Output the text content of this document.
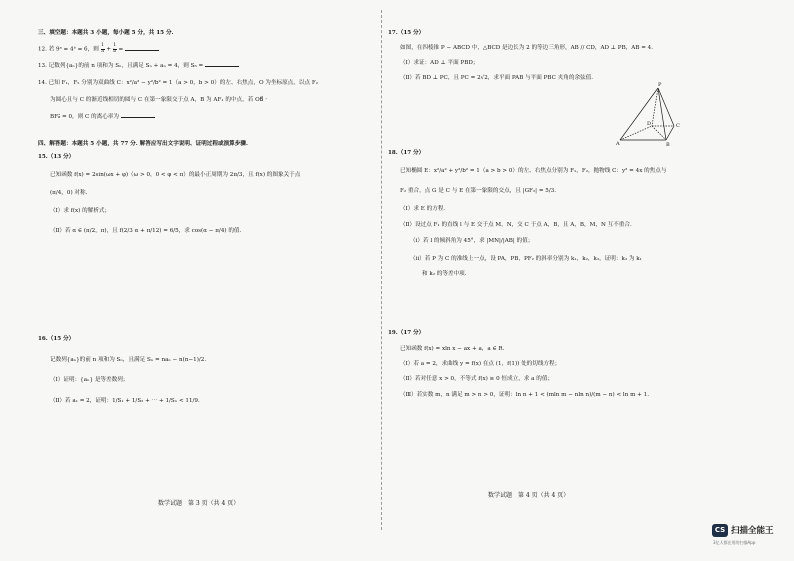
三、填空题：本题共 3 小题，每小题 5 分，共 15 分.
12. 若 9ᵃ = 4ᵇ = 6，则 $\frac{1}{a} + \frac{1}{b}$ =
13. 记数列{aₙ}的前 n 项和为 Sₙ，且满足 Sₙ + aₙ = 4，则 S₆ =
14. 已知 F₁，F₂ 分别为双曲线 C：x²/a² − y²/b² = 1（a > 0，b > 0）的左、右焦点，O 为坐标原点，以点 F₂
为圆心且与 C 的渐近线相切的圆与 C 在第一象限交于点 A，B 为 AF₁ 的中点，若 OB⃗ ·
BF₂⃗ = 0，则 C 的离心率为
四、解答题：本题共 5 小题，共 77 分. 解答应写出文字说明、证明过程或演算步骤.
15.（13 分）
已知函数 f(x) = 2sin(ωx + φ)（ω > 0，0 < φ < π）的最小正周期为 2π/3，且 f(x) 的图象关于点
(π/4，0) 对称.
（Ⅰ）求 f(x) 的解析式；
（Ⅱ）若 α ∈ (π/2，π)，且 f(2/3 α + π/12) = 6/5，求 cos(α − π/4) 的值.
16.（15 分）
记数列{aₙ}的前 n 项和为 Sₙ，且满足 Sₙ = naₙ − n(n−1)/2.
（Ⅰ）证明：{aₙ} 是等差数列；
（Ⅱ）若 a₁ = 2，证明：1/S₁ + 1/S₂ + ⋯ + 1/Sₙ < 11/9.
数学试题　第 3 页（共 4 页）
17.（15 分）
如图，在四棱锥 P − ABCD 中，△BCD 是边长为 2 的等边三角形，AB // CD，AD ⊥ PB，AB = 4.
（Ⅰ）求证：AD ⊥ 平面 PBD；
（Ⅱ）若 BD ⊥ PC，且 PC = 2√2，求平面 PAB 与平面 PBC 夹角的余弦值.
18.（17 分）
已知椭圆 E：x²/a² + y²/b² = 1（a > b > 0）的左、右焦点分别为 F₁，F₂，抛物线 C：y² = 4x 的焦点与
F₂ 重合，点 G 是 C 与 E 在第一象限的交点，且 |GF₂| = 5/3.
（Ⅰ）求 E 的方程.
（Ⅱ）设过点 F₁ 的直线 l 与 E 交于点 M，N，交 C 于点 A，B，且 A，B，M，N 互不重合.
（ⅰ）若 l 的倾斜角为 45°，求 |MN|/|AB| 的值；
（ⅱ）若 P 为 C 的准线上一点，设 PA，PB，PF₂ 的斜率分别为 k₁，k₂，k₃，证明：k₃ 为 k₁
和 k₂ 的等差中项.
19.（17 分）
已知函数 f(x) = xln x − ax + a，a ∈ R.
（Ⅰ）若 a = 2，求曲线 y = f(x) 在点 (1，f(1)) 处的切线方程；
（Ⅱ）若对任意 x > 0，不等式 f(x) ≥ 0 恒成立，求 a 的值；
（Ⅲ）若实数 m，n 满足 m > n > 0，证明：ln n + 1 < (mln m − nln n)/(m − n) < ln m + 1.
数学试题　第 4 页（共 4 页）
P
A	B
C
D
CS 扫描全能王
3亿人都在用的扫描App
